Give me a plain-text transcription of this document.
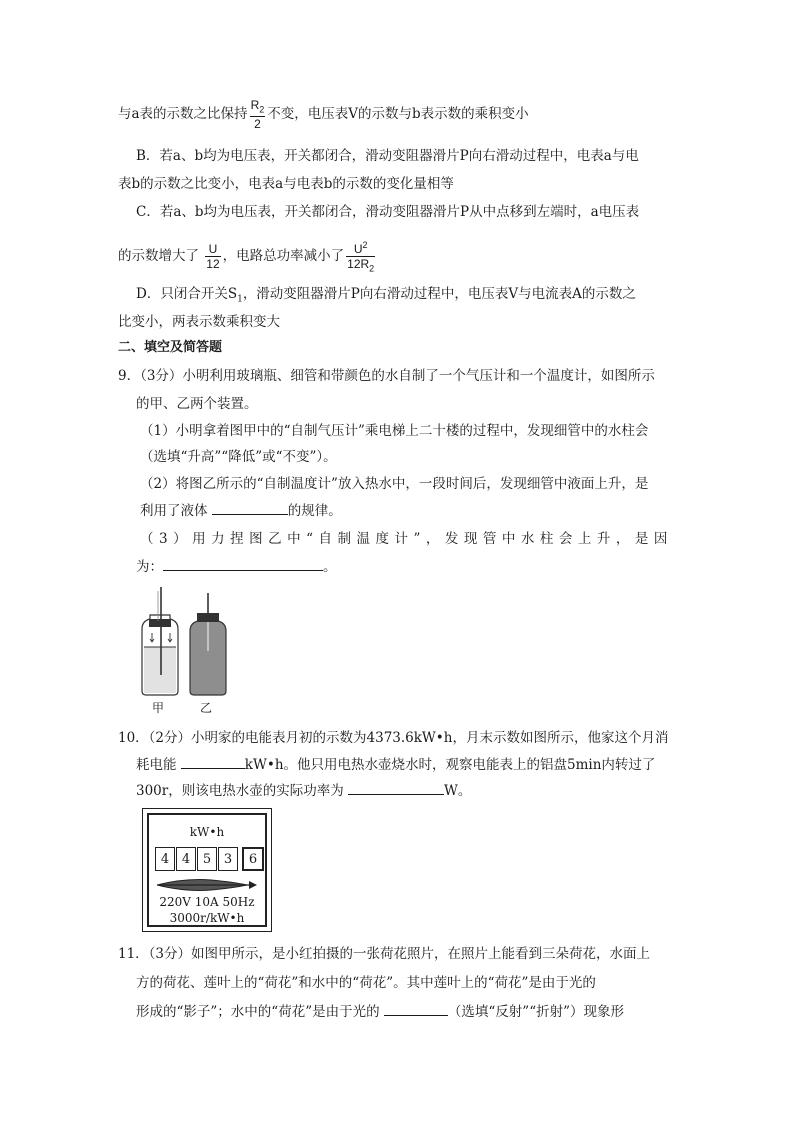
与a表的示数之比保持 $\frac{R_2}{2}$ 不变，电压表V的示数与b表示数的乘积变小
B．若a、b均为电压表，开关都闭合，滑动变阻器滑片P向右滑动过程中，电表a与电
表b的示数之比变小，电表a与电表b的示数的变化量相等
C．若a、b均为电压表，开关都闭合，滑动变阻器滑片P从中点移到左端时，a电压表
的示数增大了 $\frac{U}{12}$ ，电路总功率减小了 $\frac{U^2}{12R_2}$
D．只闭合开关$S_1$，滑动变阻器滑片P向右滑动过程中，电压表V与电流表A的示数之
比变小，两表示数乘积变大
二、填空及简答题
9．（3分）小明利用玻璃瓶、细管和带颜色的水自制了一个气压计和一个温度计，如图所示
的甲、乙两个装置。
（1）小明拿着图甲中的“自制气压计”乘电梯上二十楼的过程中，发现细管中的水柱会
（选填“升高”“降低”或“不变”）。
（2）将图乙所示的“自制温度计”放入热水中，一段时间后，发现细管中液面上升，是
利用了液体	的规律。
（3）用力捏图乙中“自制温度计”，发现管中水柱会上升，是因
为：	。
甲	乙
10．（2分）小明家的电能表月初的示数为4373.6kW•h，月末示数如图所示，他家这个月消
耗电能	kW•h。他只用电热水壶烧水时，观察电能表上的铝盘5min内转过了
300r，则该电热水壶的实际功率为	W。
kW•h
4 4 5 3	6
220V 10A 50Hz
3000r/kW•h
11．（3分）如图甲所示，是小红拍摄的一张荷花照片，在照片上能看到三朵荷花，水面上
方的荷花、莲叶上的“荷花”和水中的“荷花”。其中莲叶上的“荷花”是由于光的
形成的“影子”；水中的“荷花”是由于光的	（选填“反射”“折射”）现象形
